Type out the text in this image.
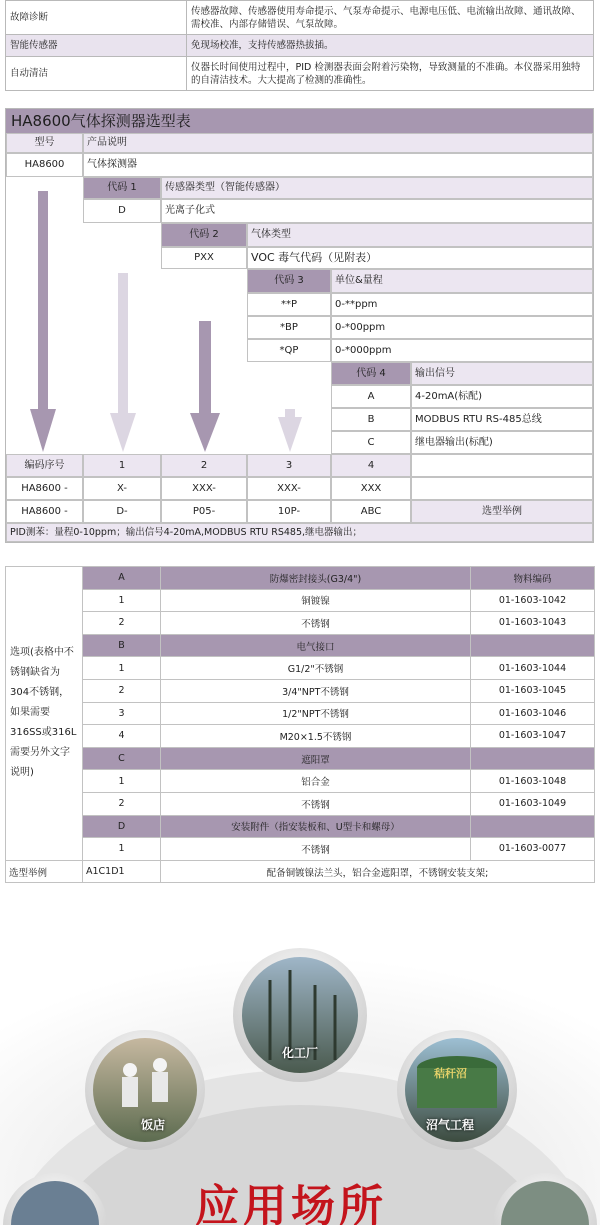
故障诊断	传感器故障、传感器使用寿命提示、气泵寿命提示、电源电压低、电流输出故障、通讯故障、需校准、内部存储错误、气泵故障。
智能传感器	免现场校准，支持传感器热拔插。
自动清洁	仪器长时间使用过程中，PID 检测器表面会附着污染物，导致测量的不准确。本仪器采用独特的自清洁技术。大大提高了检测的准确性。
HA8600气体探测器选型表
型号	产品说明
HA8600	气体探测器
代码 1	传感器类型（智能传感器）
D	光离子化式
代码 2	气体类型
PXX	VOC 毒气代码（见附表）
代码 3	单位&量程
**P	0-**ppm
*BP	0-*00ppm
*QP	0-*000ppm
代码 4	输出信号
A	4-20mA(标配)
B	MODBUS RTU RS-485总线
C	继电器输出(标配)
编码序号	1	2	3	4
HA8600 -	X-	XXX-	XXX-	XXX
HA8600 -	D-	P05-	10P-	ABC	选型举例
PID测苯：量程0-10ppm；输出信号4-20mA,MODBUS RTU RS485,继电器输出；
选项(表格中不锈钢缺省为304不锈钢，如果需要316SS或316L需要另外文字说明)	A	防爆密封接头(G3/4")	物料编码
	1	铜镀镍	01-1603-1042
	2	不锈钢	01-1603-1043
	B	电气接口	
	1	G1/2"不锈钢	01-1603-1044
	2	3/4"NPT不锈钢	01-1603-1045
	3	1/2"NPT不锈钢	01-1603-1046
	4	M20×1.5不锈钢	01-1603-1047
	C	遮阳罩	
	1	铝合金	01-1603-1048
	2	不锈钢	01-1603-1049
	D	安装附件（指安装板和、U型卡和螺母）	
	1	不锈钢	01-1603-0077
选型举例	A1C1D1	配备铜镀镍法兰头，铝合金遮阳罩，不锈钢安装支架;	
化工厂
饭店	沼气工程
秸秆沼
应用场所
